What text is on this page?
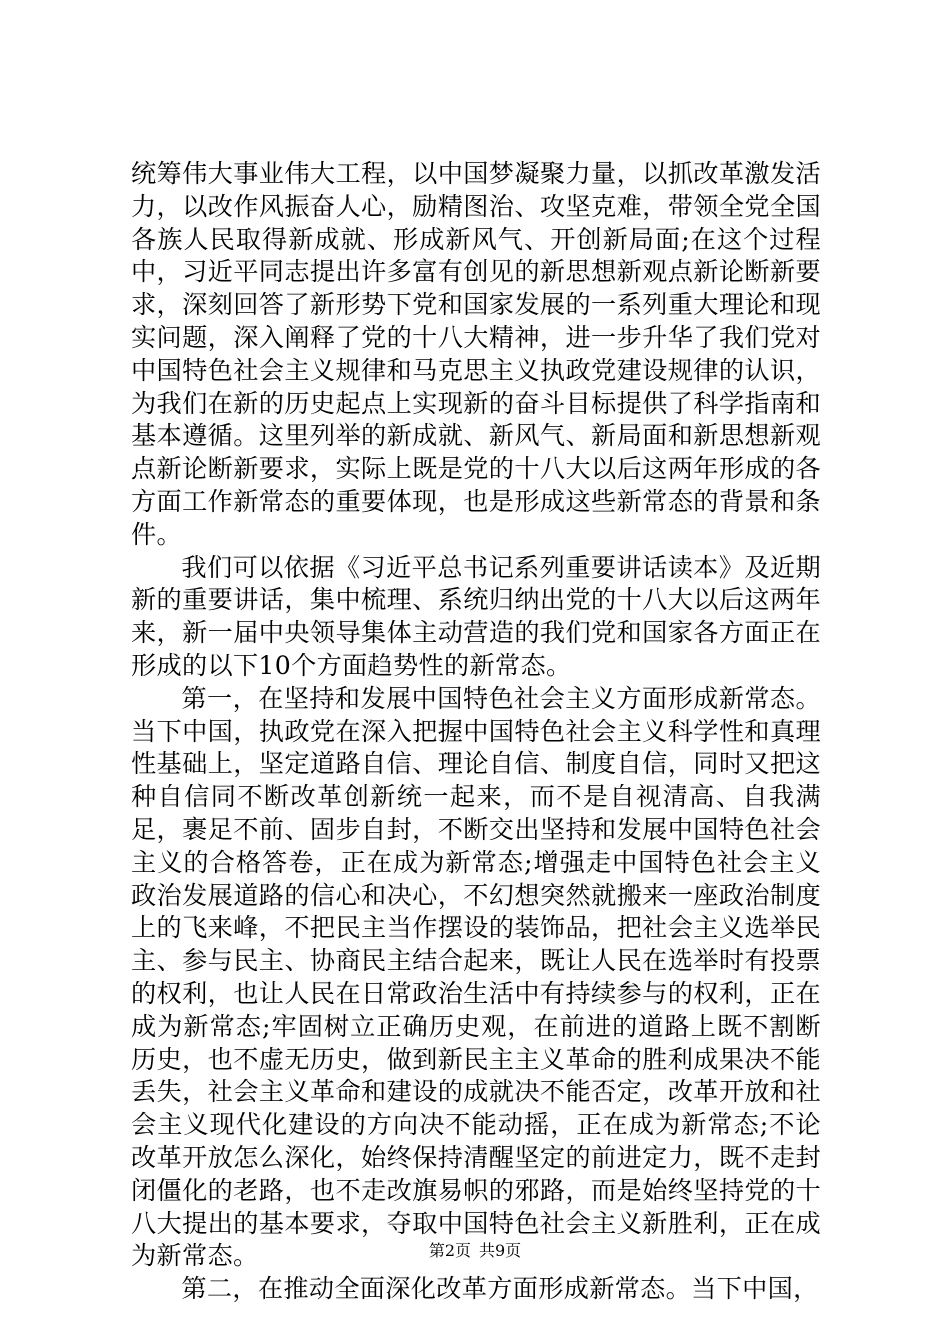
统筹伟大事业伟大工程，以中国梦凝聚力量，以抓改革激发活力，以改作风振奋人心，励精图治、攻坚克难，带领全党全国各族人民取得新成就、形成新风气、开创新局面;在这个过程中，习近平同志提出许多富有创见的新思想新观点新论断新要求，深刻回答了新形势下党和国家发展的一系列重大理论和现实问题，深入阐释了党的十八大精神，进一步升华了我们党对中国特色社会主义规律和马克思主义执政党建设规律的认识，为我们在新的历史起点上实现新的奋斗目标提供了科学指南和基本遵循。这里列举的新成就、新风气、新局面和新思想新观点新论断新要求，实际上既是党的十八大以后这两年形成的各方面工作新常态的重要体现，也是形成这些新常态的背景和条件。

我们可以依据《习近平总书记系列重要讲话读本》及近期新的重要讲话，集中梳理、系统归纳出党的十八大以后这两年来，新一届中央领导集体主动营造的我们党和国家各方面正在形成的以下10个方面趋势性的新常态。

第一，在坚持和发展中国特色社会主义方面形成新常态。当下中国，执政党在深入把握中国特色社会主义科学性和真理性基础上，坚定道路自信、理论自信、制度自信，同时又把这种自信同不断改革创新统一起来，而不是自视清高、自我满足，裹足不前、固步自封，不断交出坚持和发展中国特色社会主义的合格答卷，正在成为新常态;增强走中国特色社会主义政治发展道路的信心和决心，不幻想突然就搬来一座政治制度上的飞来峰，不把民主当作摆设的装饰品，把社会主义选举民主、参与民主、协商民主结合起来，既让人民在选举时有投票的权利，也让人民在日常政治生活中有持续参与的权利，正在成为新常态;牢固树立正确历史观，在前进的道路上既不割断历史，也不虚无历史，做到新民主主义革命的胜利成果决不能丢失，社会主义革命和建设的成就决不能否定，改革开放和社会主义现代化建设的方向决不能动摇，正在成为新常态;不论改革开放怎么深化，始终保持清醒坚定的前进定力，既不走封闭僵化的老路，也不走改旗易帜的邪路，而是始终坚持党的十八大提出的基本要求，夺取中国特色社会主义新胜利，正在成为新常态。

第二，在推动全面深化改革方面形成新常态。当下中国，

第2页 共9页
